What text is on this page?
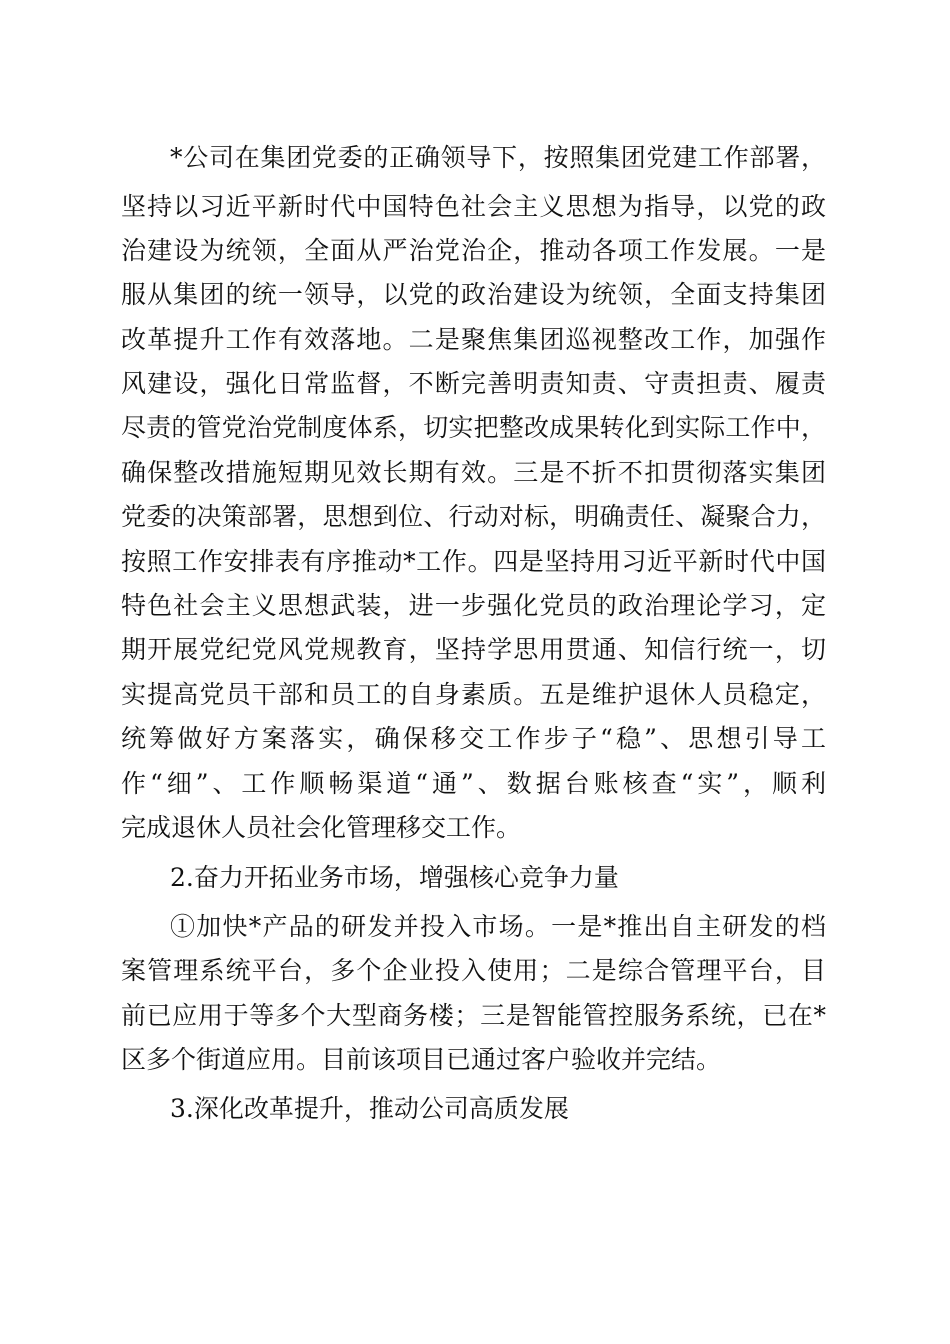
*公司在集团党委的正确领导下，按照集团党建工作部署，
坚持以习近平新时代中国特色社会主义思想为指导，以党的政
治建设为统领，全面从严治党治企，推动各项工作发展。一是
服从集团的统一领导，以党的政治建设为统领，全面支持集团
改革提升工作有效落地。二是聚焦集团巡视整改工作，加强作
风建设，强化日常监督，不断完善明责知责、守责担责、履责
尽责的管党治党制度体系，切实把整改成果转化到实际工作中，
确保整改措施短期见效长期有效。三是不折不扣贯彻落实集团
党委的决策部署，思想到位、行动对标，明确责任、凝聚合力，
按照工作安排表有序推动*工作。四是坚持用习近平新时代中国
特色社会主义思想武装，进一步强化党员的政治理论学习，定
期开展党纪党风党规教育，坚持学思用贯通、知信行统一，切
实提高党员干部和员工的自身素质。五是维护退休人员稳定，
统筹做好方案落实，确保移交工作步子“稳”、思想引导工
作“细”、工作顺畅渠道“通”、数据台账核查“实”，顺利
完成退休人员社会化管理移交工作。
2.奋力开拓业务市场，增强核心竞争力量
①加快*产品的研发并投入市场。一是*推出自主研发的档
案管理系统平台，多个企业投入使用；二是综合管理平台，目
前已应用于等多个大型商务楼；三是智能管控服务系统，已在*
区多个街道应用。目前该项目已通过客户验收并完结。
3.深化改革提升，推动公司高质发展
